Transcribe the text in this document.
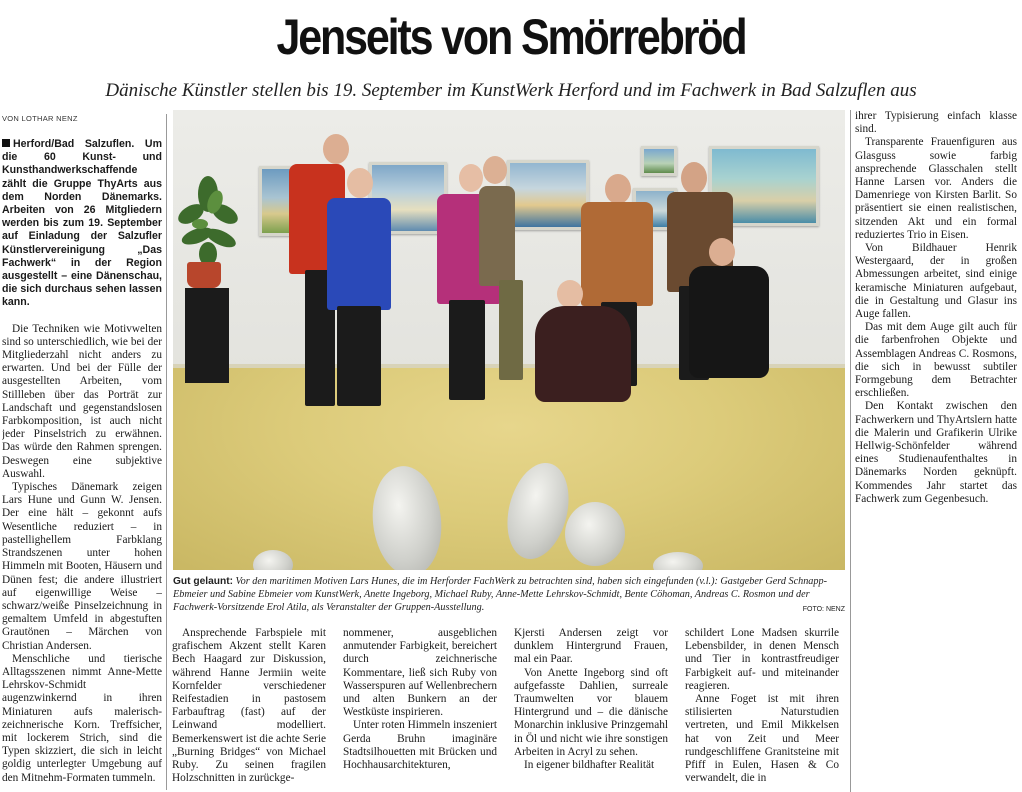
Jenseits von Smörrebröd
Dänische Künstler stellen bis 19. September im KunstWerk Herford und im Fachwerk in Bad Salzuflen aus
VON LOTHAR NENZ

Herford/Bad Salzuflen. Um die 60 Kunst- und Kunsthandwerkschaffende zählt die Gruppe ThyArts aus dem Norden Dänemarks. Arbeiten von 26 Mitgliedern werden bis zum 19. September auf Einladung der Salzufler Künstlervereinigung „Das Fachwerk“ in der Region ausgestellt – eine Dänenschau, die sich durchaus sehen lassen kann.

Die Techniken wie Motivwelten sind so unterschiedlich, wie bei der Mitgliederzahl nicht anders zu erwarten. Und bei der Fülle der ausgestellten Arbeiten, vom Stillleben über das Porträt zur Landschaft und gegenstandslosen Farbkomposition, ist auch nicht jeder Pinselstrich zu erwähnen. Das würde den Rahmen sprengen. Deswegen eine subjektive Auswahl.

Typisches Dänemark zeigen Lars Hune und Gunn W. Jensen. Der eine hält – gekonnt aufs Wesentliche reduziert – in pastellighellem Farbklang Strandszenen unter hohen Himmeln mit Booten, Häusern und Dünen fest; die andere illustriert auf eigenwillige Weise – schwarz/weiße Pinselzeichnung in gemaltem Umfeld in abgestuften Grautönen – Märchen von Christian Andersen.

Menschliche und tierische Alltagsszenen nimmt Anne-Mette Lehrskov-Schmidt augenzwinkernd in ihren Miniaturen aufs malerisch-zeichnerische Korn. Treffsicher, mit lockerem Strich, sind die Typen skizziert, die sich in leicht goldig unterlegter Umgebung auf den Mitnehm-Formaten tummeln.

Gut gelaunt: Vor den maritimen Motiven Lars Hunes, die im Herforder FachWerk zu betrachten sind, haben sich eingefunden (v.l.): Gastgeber Gerd Schnapp-Ebmeier und Sabine Ebmeier vom KunstWerk, Anette Ingeborg, Michael Ruby, Anne-Mette Lehrskov-Schmidt, Bente Cöhoman, Andreas C. Rosmon und der Fachwerk-Vorsitzende Erol Atila, als Veranstalter der Gruppen-Ausstellung.	FOTO: NENZ

ihrer Typisierung einfach klasse sind.

Transparente Frauenfiguren aus Glasguss sowie farbig ansprechende Glasschalen stellt Hanne Larsen vor. Anders die Damenriege von Kirsten Barlit. So präsentiert sie einen realistischen, sitzenden Akt und ein formal reduziertes Trio in Eisen.

Von Bildhauer Henrik Westergaard, der in großen Abmessungen arbeitet, sind einige keramische Miniaturen aufgebaut, die in Gestaltung und Glasur ins Auge fallen.

Das mit dem Auge gilt auch für die farbenfrohen Objekte und Assemblagen Andreas C. Rosmons, die sich in bewusst subtiler Formgebung dem Betrachter erschließen.

Den Kontakt zwischen den Fachwerkern und ThyArtslern hatte die Malerin und Grafikerin Ulrike Hellwig-Schönfelder während eines Studienaufenthaltes in Dänemarks Norden geknüpft. Kommendes Jahr startet das Fachwerk zum Gegenbesuch.

Ansprechende Farbspiele mit grafischem Akzent stellt Karen Bech Haagard zur Diskussion, während Hanne Jermiin weite Kornfelder verschiedener Reifestadien in pastosem Farbauftrag (fast) auf der Leinwand modelliert. Bemerkenswert ist die achte Serie „Burning Bridges“ von Michael Ruby. Zu seinen fragilen Holzschnitten in zurückge-

nommener, ausgeblichen anmutender Farbigkeit, bereichert durch zeichnerische Kommentare, ließ sich Ruby von Wasserspuren auf Wellenbrechern und alten Bunkern an der Westküste inspirieren.

Unter roten Himmeln inszeniert Gerda Bruhn imaginäre Stadtsilhouetten mit Brücken und Hochhausarchitekturen,

Kjersti Andersen zeigt vor dunklem Hintergrund Frauen, mal ein Paar.

Von Anette Ingeborg sind oft aufgefasste Dahlien, surreale Traumwelten vor blauem Hintergrund und – die dänische Monarchin inklusive Prinzgemahl in Öl und nicht wie ihre sonstigen Arbeiten in Acryl zu sehen.

In eigener bildhafter Realität

schildert Lone Madsen skurrile Lebensbilder, in denen Mensch und Tier in kontrastfreudiger Farbigkeit auf- und miteinander reagieren.

Anne Foget ist mit ihren stilisierten Naturstudien vertreten, und Emil Mikkelsen hat von Zeit und Meer rundgeschliffene Granitsteine mit Pfiff in Eulen, Hasen & Co verwandelt, die in
